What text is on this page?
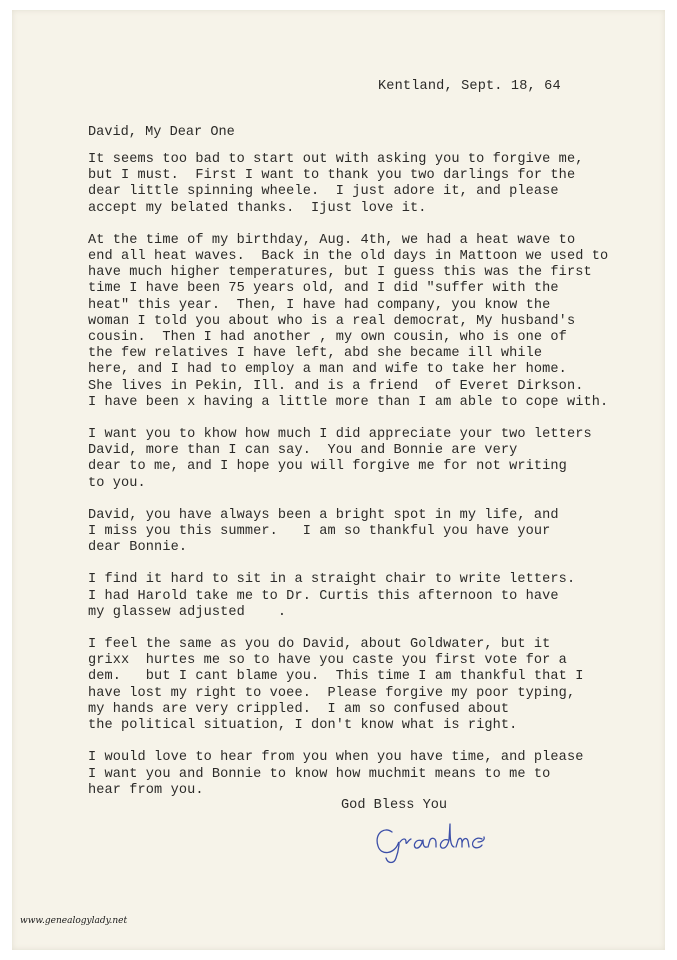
Kentland, Sept. 18, 64
David, My Dear One
It seems too bad to start out with asking you to forgive me,
but I must.  First I want to thank you two darlings for the
dear little spinning wheele.  I just adore it, and please
accept my belated thanks.  Ijust love it.
At the time of my birthday, Aug. 4th, we had a heat wave to
end all heat waves.  Back in the old days in Mattoon we used to
have much higher temperatures, but I guess this was the first
time I have been 75 years old, and I did "suffer with the
heat" this year.  Then, I have had company, you know the
woman I told you about who is a real democrat, My husband's
cousin.  Then I had another , my own cousin, who is one of
the few relatives I have left, abd she became ill while
here, and I had to employ a man and wife to take her home.
She lives in Pekin, Ill. and is a friend  of Everet Dirkson.
I have been x having a little more than I am able to cope with.
I want you to khow how much I did appreciate your two letters
David, more than I can say.  You and Bonnie are very
dear to me, and I hope you will forgive me for not writing
to you.
David, you have always been a bright spot in my life, and
I miss you this summer.   I am so thankful you have your
dear Bonnie.
I find it hard to sit in a straight chair to write letters.
I had Harold take me to Dr. Curtis this afternoon to have
my glassew adjusted    .
I feel the same as you do David, about Goldwater, but it
grixx  hurtes me so to have you caste you first vote for a
dem.   but I cant blame you.  This time I am thankful that I
have lost my right to voee.  Please forgive my poor typing,
my hands are very crippled.  I am so confused about
the political situation, I don't know what is right.
I would love to hear from you when you have time, and please
I want you and Bonnie to know how muchmit means to me to
hear from you.
God Bless You
www.genealogylady.net
